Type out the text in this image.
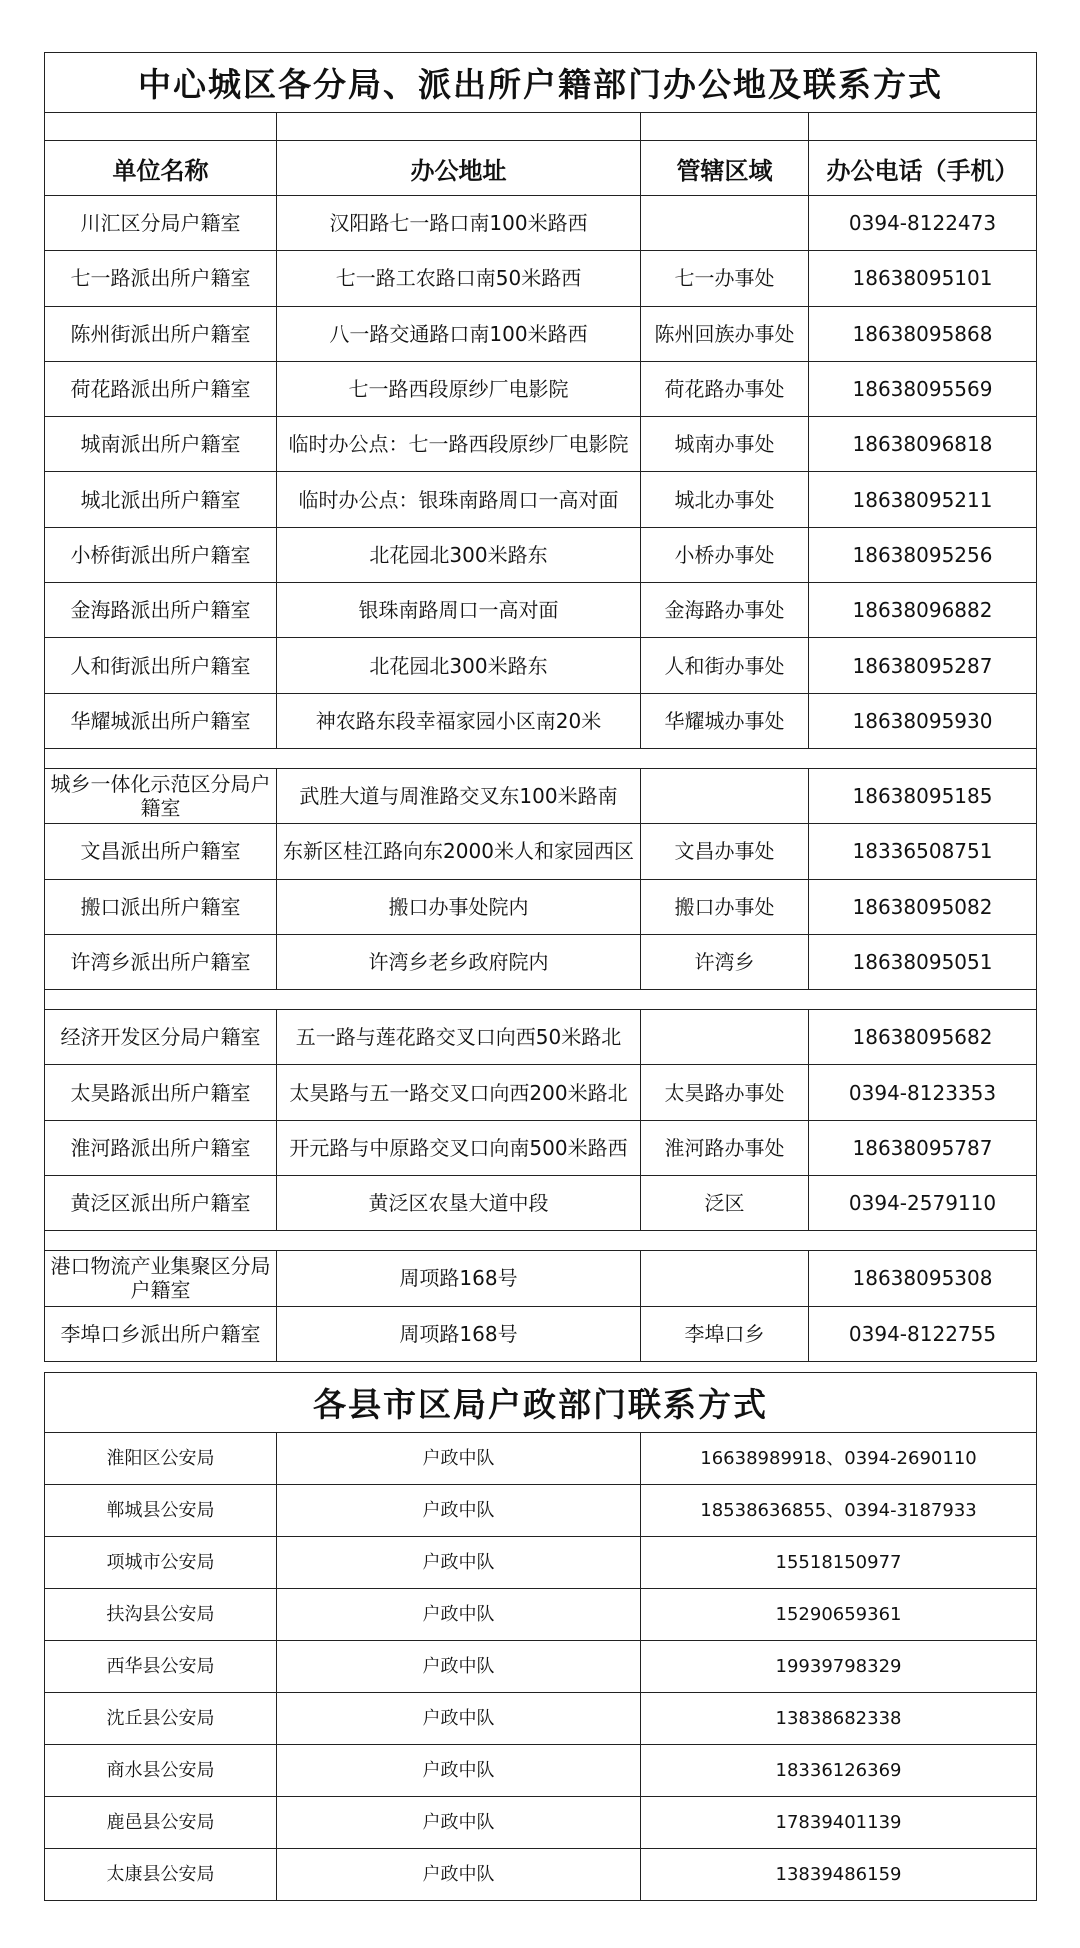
中心城区各分局、派出所户籍部门办公地及联系方式			

单位名称	办公地址	管辖区域	办公电话（手机）
川汇区分局户籍室	汉阳路七一路口南100米路西		0394-8122473
七一路派出所户籍室	七一路工农路口南50米路西	七一办事处	18638095101
陈州街派出所户籍室	八一路交通路口南100米路西	陈州回族办事处	18638095868
荷花路派出所户籍室	七一路西段原纱厂电影院	荷花路办事处	18638095569
城南派出所户籍室	临时办公点：七一路西段原纱厂电影院	城南办事处	18638096818
城北派出所户籍室	临时办公点：银珠南路周口一高对面	城北办事处	18638095211
小桥街派出所户籍室	北花园北300米路东	小桥办事处	18638095256
金海路派出所户籍室	银珠南路周口一高对面	金海路办事处	18638096882
人和街派出所户籍室	北花园北300米路东	人和街办事处	18638095287
华耀城派出所户籍室	神农路东段幸福家园小区南20米	华耀城办事处	18638095930

城乡一体化示范区分局户籍室	武胜大道与周淮路交叉东100米路南		18638095185
文昌派出所户籍室	东新区桂江路向东2000米人和家园西区	文昌办事处	18336508751
搬口派出所户籍室	搬口办事处院内	搬口办事处	18638095082
许湾乡派出所户籍室	许湾乡老乡政府院内	许湾乡	18638095051

经济开发区分局户籍室	五一路与莲花路交叉口向西50米路北		18638095682
太昊路派出所户籍室	太昊路与五一路交叉口向西200米路北	太昊路办事处	0394-8123353
淮河路派出所户籍室	开元路与中原路交叉口向南500米路西	淮河路办事处	18638095787
黄泛区派出所户籍室	黄泛区农垦大道中段	泛区	0394-2579110

港口物流产业集聚区分局户籍室	周项路168号		18638095308
李埠口乡派出所户籍室	周项路168号	李埠口乡	0394-8122755
各县市区局户政部门联系方式		
淮阳区公安局	户政中队	16638989918、0394-2690110
郸城县公安局	户政中队	18538636855、0394-3187933
项城市公安局	户政中队	15518150977
扶沟县公安局	户政中队	15290659361
西华县公安局	户政中队	19939798329
沈丘县公安局	户政中队	13838682338
商水县公安局	户政中队	18336126369
鹿邑县公安局	户政中队	17839401139
太康县公安局	户政中队	13839486159
